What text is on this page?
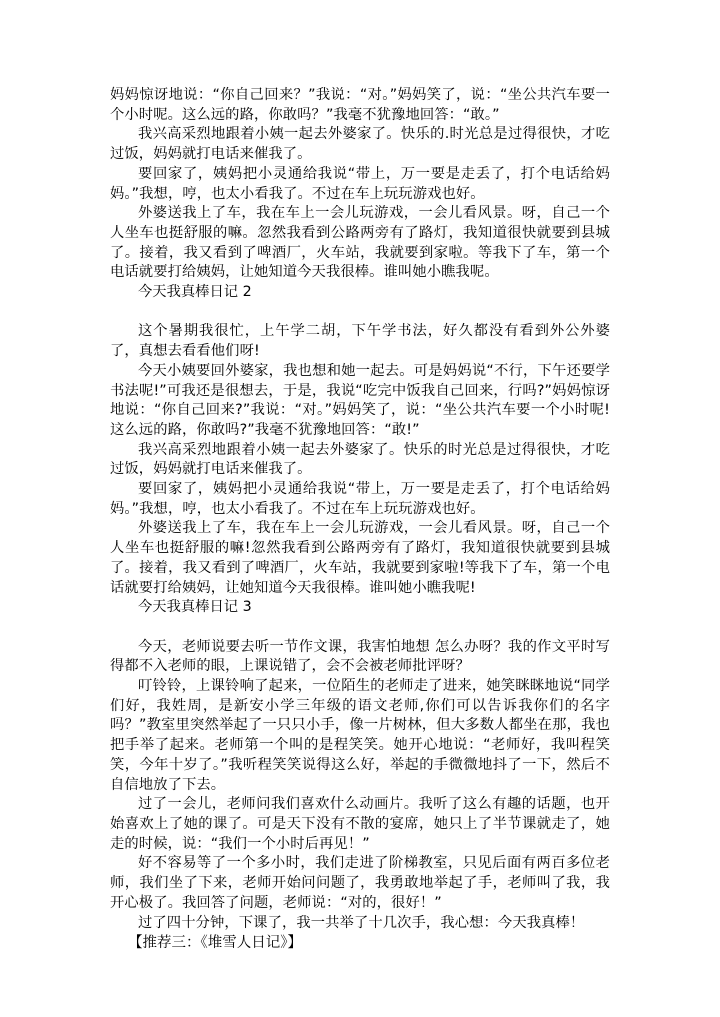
妈妈惊讶地说：“你自己回来？”我说：“对。”妈妈笑了，说：“坐公共汽车要一个小时呢。这么远的路，你敢吗？”我毫不犹豫地回答：“敢。”

我兴高采烈地跟着小姨一起去外婆家了。快乐的.时光总是过得很快，才吃过饭，妈妈就打电话来催我了。

要回家了，姨妈把小灵通给我说“带上，万一要是走丢了，打个电话给妈妈。”我想，哼，也太小看我了。不过在车上玩玩游戏也好。

外婆送我上了车，我在车上一会儿玩游戏，一会儿看风景。呀，自己一个人坐车也挺舒服的嘛。忽然我看到公路两旁有了路灯，我知道很快就要到县城了。接着，我又看到了啤酒厂，火车站，我就要到家啦。等我下了车，第一个电话就要打给姨妈，让她知道今天我很棒。谁叫她小瞧我呢。

今天我真棒日记 2

这个暑期我很忙，上午学二胡，下午学书法，好久都没有看到外公外婆了，真想去看看他们呀!

今天小姨要回外婆家，我也想和她一起去。可是妈妈说“不行，下午还要学书法呢!”可我还是很想去，于是，我说“吃完中饭我自己回来，行吗?”妈妈惊讶地说：“你自己回来?”我说：“对。”妈妈笑了，说：“坐公共汽车要一个小时呢!这么远的路，你敢吗?”我毫不犹豫地回答：“敢!”

我兴高采烈地跟着小姨一起去外婆家了。快乐的时光总是过得很快，才吃过饭，妈妈就打电话来催我了。

要回家了，姨妈把小灵通给我说“带上，万一要是走丢了，打个电话给妈妈。”我想，哼，也太小看我了。不过在车上玩玩游戏也好。

外婆送我上了车，我在车上一会儿玩游戏，一会儿看风景。呀，自己一个人坐车也挺舒服的嘛!忽然我看到公路两旁有了路灯，我知道很快就要到县城了。接着，我又看到了啤酒厂，火车站，我就要到家啦!等我下了车，第一个电话就要打给姨妈，让她知道今天我很棒。谁叫她小瞧我呢!

今天我真棒日记 3

今天，老师说要去听一节作文课，我害怕地想 怎么办呀？我的作文平时写得都不入老师的眼，上课说错了，会不会被老师批评呀？

叮铃铃，上课铃响了起来，一位陌生的老师走了进来，她笑眯眯地说“同学们好，我姓周，是新安小学三年级的语文老师,你们可以告诉我你们的名字吗？”教室里突然举起了一只只小手，像一片树林，但大多数人都坐在那，我也把手举了起来。老师第一个叫的是程笑笑。她开心地说：“老师好，我叫程笑笑，今年十岁了。”我听程笑笑说得这么好，举起的手微微地抖了一下，然后不自信地放了下去。

过了一会儿，老师问我们喜欢什么动画片。我听了这么有趣的话题，也开始喜欢上了她的课了。可是天下没有不散的宴席，她只上了半节课就走了，她走的时候，说：“我们一个小时后再见！”

好不容易等了一个多小时，我们走进了阶梯教室，只见后面有两百多位老师，我们坐了下来，老师开始问问题了，我勇敢地举起了手，老师叫了我，我开心极了。我回答了问题，老师说：“对的，很好！”

过了四十分钟，下课了，我一共举了十几次手，我心想：今天我真棒！

【推荐三：《堆雪人日记》】
